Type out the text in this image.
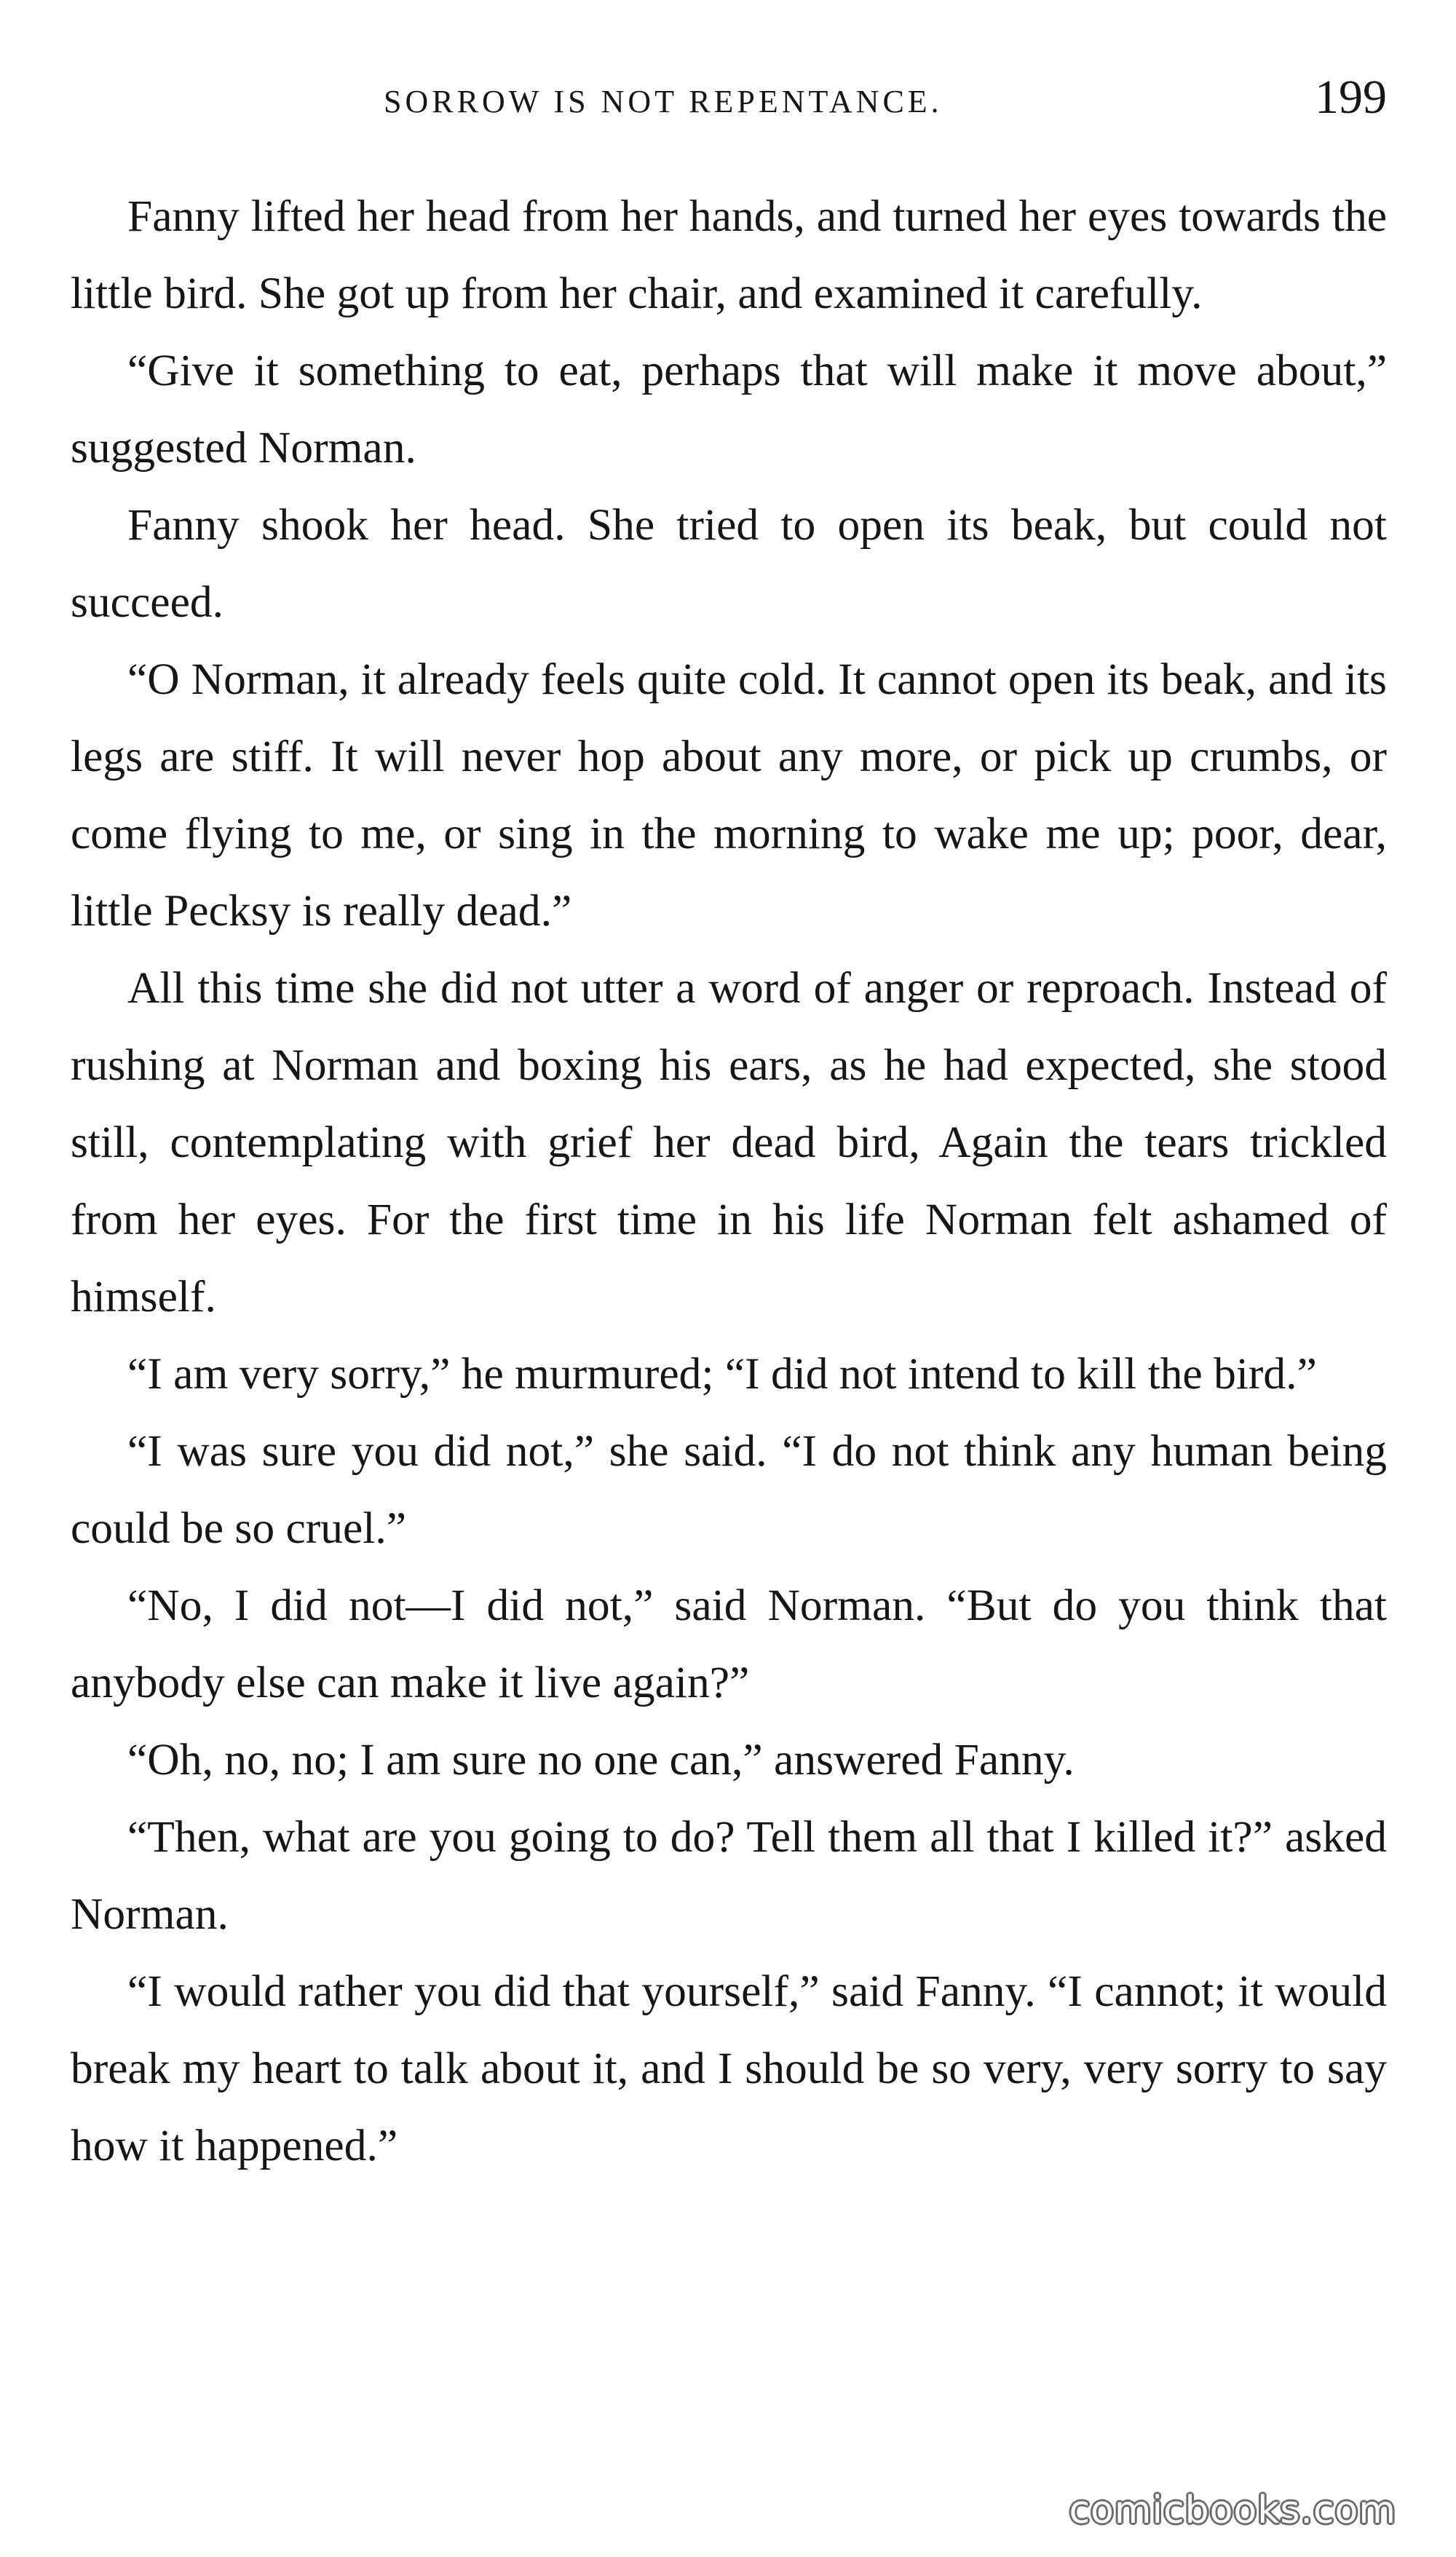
SORROW IS NOT REPENTANCE.	199

Fanny lifted her head from her hands, and turned her eyes towards the little bird. She got up from her chair, and examined it carefully.

“Give it something to eat, perhaps that will make it move about,” suggested Norman.

Fanny shook her head. She tried to open its beak, but could not succeed.

“O Norman, it already feels quite cold. It cannot open its beak, and its legs are stiff. It will never hop about any more, or pick up crumbs, or come flying to me, or sing in the morning to wake me up; poor, dear, little Pecksy is really dead.”

All this time she did not utter a word of anger or reproach. Instead of rushing at Norman and boxing his ears, as he had expected, she stood still, contemplating with grief her dead bird, Again the tears trickled from her eyes. For the first time in his life Norman felt ashamed of himself.

“I am very sorry,” he murmured; “I did not intend to kill the bird.”

“I was sure you did not,” she said. “I do not think any human being could be so cruel.”

“No, I did not—I did not,” said Norman. “But do you think that anybody else can make it live again?”

“Oh, no, no; I am sure no one can,” answered Fanny.

“Then, what are you going to do? Tell them all that I killed it?” asked Norman.

“I would rather you did that yourself,” said Fanny. “I cannot; it would break my heart to talk about it, and I should be so very, very sorry to say how it happened.”

comicbooks.com
